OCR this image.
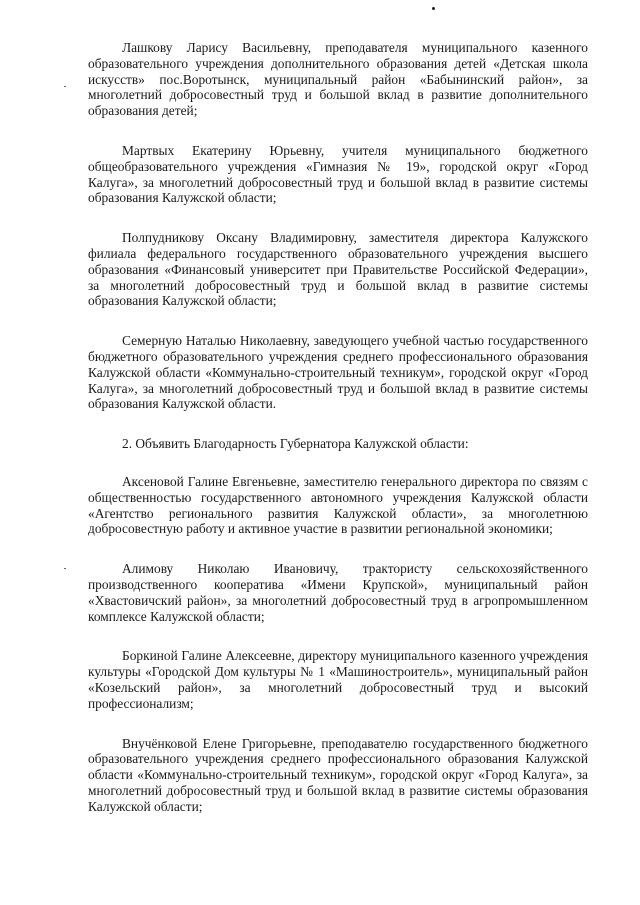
Лашкову Ларису Васильевну, преподавателя муниципального казенного образовательного учреждения дополнительного образования детей «Детская школа искусств» пос.Воротынск, муниципальный район «Бабынинский район», за многолетний добросовестный труд и большой вклад в развитие дополнительного образования детей;

Мартвых Екатерину Юрьевну, учителя муниципального бюджетного общеобразовательного учреждения «Гимназия № 19», городской округ «Город Калуга», за многолетний добросовестный труд и большой вклад в развитие системы образования Калужской области;

Полпудникову Оксану Владимировну, заместителя директора Калужского филиала федерального государственного образовательного учреждения высшего образования «Финансовый университет при Правительстве Российской Федерации», за многолетний добросовестный труд и большой вклад в развитие системы образования Калужской области;

Семерную Наталью Николаевну, заведующего учебной частью государственного бюджетного образовательного учреждения среднего профессионального образования Калужской области «Коммунально-строительный техникум», городской округ «Город Калуга», за многолетний добросовестный труд и большой вклад в развитие системы образования Калужской области.

2. Объявить Благодарность Губернатора Калужской области:

Аксеновой Галине Евгеньевне, заместителю генерального директора по связям с общественностью государственного автономного учреждения Калужской области «Агентство регионального развития Калужской области», за многолетнюю добросовестную работу и активное участие в развитии региональной экономики;

Алимову Николаю Ивановичу, трактористу сельскохозяйственного производственного кооператива «Имени Крупской», муниципальный район «Хвастовичский район», за многолетний добросовестный труд в агропромышленном комплексе Калужской области;

Боркиной Галине Алексеевне, директору муниципального казенного учреждения культуры «Городской Дом культуры № 1 «Машиностроитель», муниципальный район «Козельский район», за многолетний добросовестный труд и высокий профессионализм;

Внучёнковой Елене Григорьевне, преподавателю государственного бюджетного образовательного учреждения среднего профессионального образования Калужской области «Коммунально-строительный техникум», городской округ «Город Калуга», за многолетний добросовестный труд и большой вклад в развитие системы образования Калужской области;
